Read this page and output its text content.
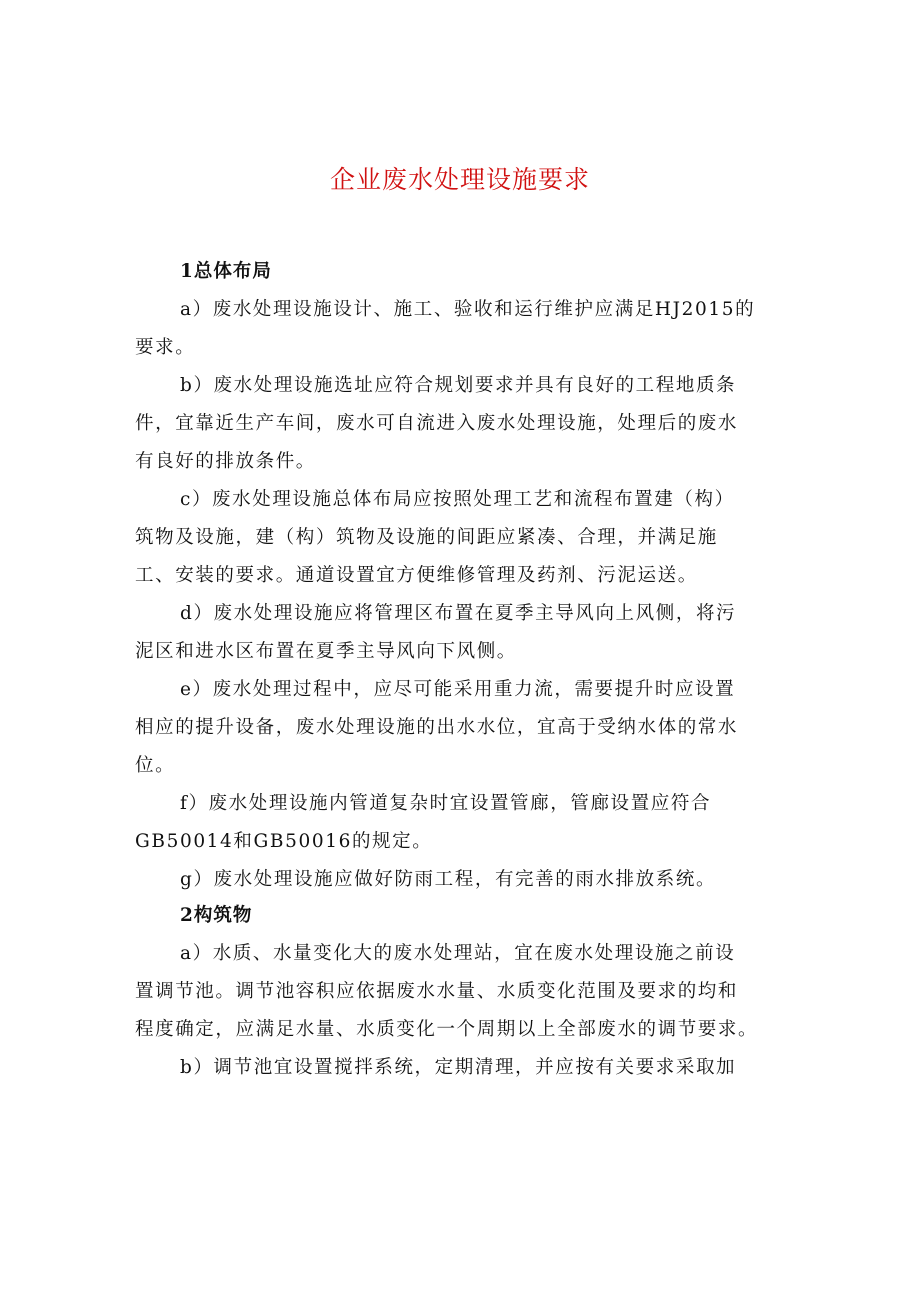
企业废水处理设施要求
1总体布局
a）废水处理设施设计、施工、验收和运行维护应满足HJ2015的
要求。
b）废水处理设施选址应符合规划要求并具有良好的工程地质条
件，宜靠近生产车间，废水可自流进入废水处理设施，处理后的废水
有良好的排放条件。
c）废水处理设施总体布局应按照处理工艺和流程布置建（构）
筑物及设施，建（构）筑物及设施的间距应紧凑、合理，并满足施
工、安装的要求。通道设置宜方便维修管理及药剂、污泥运送。
d）废水处理设施应将管理区布置在夏季主导风向上风侧，将污
泥区和进水区布置在夏季主导风向下风侧。
e）废水处理过程中，应尽可能采用重力流，需要提升时应设置
相应的提升设备，废水处理设施的出水水位，宜高于受纳水体的常水
位。
f）废水处理设施内管道复杂时宜设置管廊，管廊设置应符合
GB50014和GB50016的规定。
g）废水处理设施应做好防雨工程，有完善的雨水排放系统。
2构筑物
a）水质、水量变化大的废水处理站，宜在废水处理设施之前设
置调节池。调节池容积应依据废水水量、水质变化范围及要求的均和
程度确定，应满足水量、水质变化一个周期以上全部废水的调节要求。
b）调节池宜设置搅拌系统，定期清理，并应按有关要求采取加
